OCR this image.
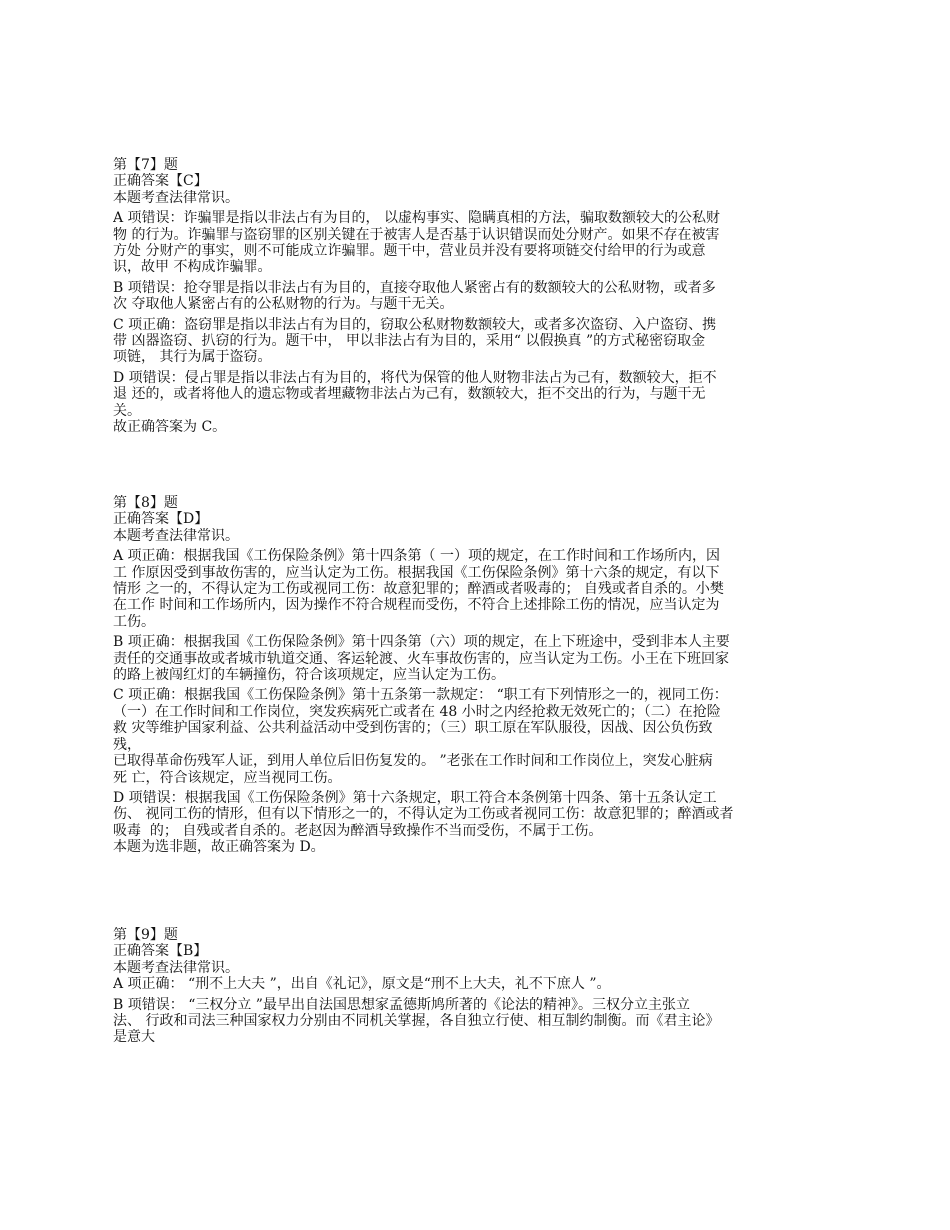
第【7】题
正确答案【C】
本题考查法律常识。
A 项错误：诈骗罪是指以非法占有为目的， 以虚构事实、隐瞒真相的方法，骗取数额较大的公私财
物 的行为。诈骗罪与盗窃罪的区别关键在于被害人是否基于认识错误而处分财产。如果不存在被害
方处 分财产的事实，则不可能成立诈骗罪。题干中，营业员并没有要将项链交付给甲的行为或意
识，故甲 不构成诈骗罪。
B 项错误：抢夺罪是指以非法占有为目的，直接夺取他人紧密占有的数额较大的公私财物，或者多
次 夺取他人紧密占有的公私财物的行为。与题干无关。
C 项正确：盗窃罪是指以非法占有为目的，窃取公私财物数额较大，或者多次盗窃、入户盗窃、携
带 凶器盗窃、扒窃的行为。题干中， 甲以非法占有为目的，采用“ 以假换真 ”的方式秘密窃取金
项链， 其行为属于盗窃。
D 项错误：侵占罪是指以非法占有为目的，将代为保管的他人财物非法占为己有，数额较大，拒不
退 还的，或者将他人的遗忘物或者埋藏物非法占为己有，数额较大，拒不交出的行为，与题干无
关。
故正确答案为 C。
第【8】题
正确答案【D】
本题考查法律常识。
A 项正确：根据我国《工伤保险条例》第十四条第（ 一）项的规定，在工作时间和工作场所内，因
工 作原因受到事故伤害的，应当认定为工伤。根据我国《工伤保险条例》第十六条的规定，有以下
情形 之一的，不得认定为工伤或视同工伤：故意犯罪的；醉酒或者吸毒的； 自残或者自杀的。小樊
在工作 时间和工作场所内，因为操作不符合规程而受伤，不符合上述排除工伤的情况，应当认定为
工伤。
B 项正确：根据我国《工伤保险条例》第十四条第（六）项的规定，在上下班途中，受到非本人主要
责任的交通事故或者城市轨道交通、客运轮渡、火车事故伤害的，应当认定为工伤。小王在下班回家
的路上被闯红灯的车辆撞伤，符合该项规定，应当认定为工伤。
C 项正确：根据我国《工伤保险条例》第十五条第一款规定： “职工有下列情形之一的，视同工伤：
（一）在工作时间和工作岗位，突发疾病死亡或者在 48 小时之内经抢救无效死亡的；（二）在抢险
救 灾等维护国家利益、公共利益活动中受到伤害的；（三）职工原在军队服役，因战、因公负伤致
残，
已取得革命伤残军人证，到用人单位后旧伤复发的。 ”老张在工作时间和工作岗位上，突发心脏病
死 亡，符合该规定，应当视同工伤。
D 项错误：根据我国《工伤保险条例》第十六条规定，职工符合本条例第十四条、第十五条认定工
伤、 视同工伤的情形，但有以下情形之一的，不得认定为工伤或者视同工伤：故意犯罪的；醉酒或者
吸毒  的； 自残或者自杀的。老赵因为醉酒导致操作不当而受伤，不属于工伤。
本题为选非题，故正确答案为 D。
第【9】题
正确答案【B】
本题考查法律常识。
A 项正确： “刑不上大夫 ”，出自《礼记》，原文是“刑不上大夫，礼不下庶人 ”。
B 项错误： “三权分立 ”最早出自法国思想家孟德斯鸠所著的《论法的精神》。三权分立主张立
法、 行政和司法三种国家权力分别由不同机关掌握，各自独立行使、相互制约制衡。而《君主论》
是意大
